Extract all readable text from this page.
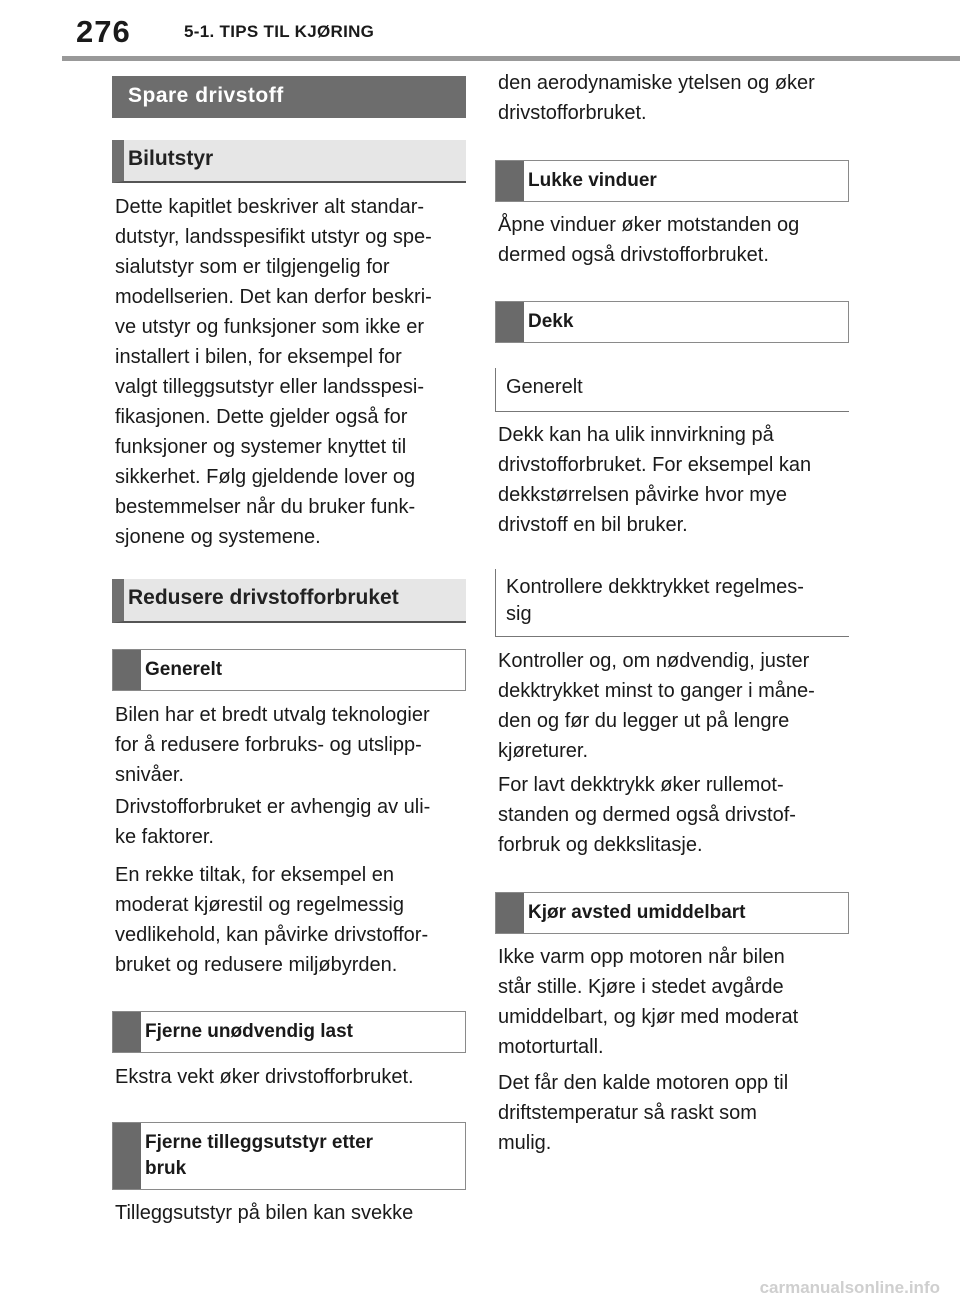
276	5-1. TIPS TIL KJØRING
Spare drivstoff
Bilutstyr

Dette kapitlet beskriver alt standar-
dutstyr, landsspesifikt utstyr og spe-
sialutstyr som er tilgjengelig for
modellserien. Det kan derfor beskri-
ve utstyr og funksjoner som ikke er
installert i bilen, for eksempel for
valgt tilleggsutstyr eller landsspesi-
fikasjonen. Dette gjelder også for
funksjoner og systemer knyttet til
sikkerhet. Følg gjeldende lover og
bestemmelser når du bruker funk-
sjonene og systemene.

Redusere drivstofforbruket
Generelt

Bilen har et bredt utvalg teknologier
for å redusere forbruks- og utslipp-
snivåer.

Drivstofforbruket er avhengig av uli-
ke faktorer.

En rekke tiltak, for eksempel en
moderat kjørestil og regelmessig
vedlikehold, kan påvirke drivstoffor-
bruket og redusere miljøbyrden.

Fjerne unødvendig last

Ekstra vekt øker drivstofforbruket.

Fjerne tilleggsutstyr etter
bruk

Tilleggsutstyr på bilen kan svekke

den aerodynamiske ytelsen og øker
drivstofforbruket.

Lukke vinduer

Åpne vinduer øker motstanden og
dermed også drivstofforbruket.

Dekk
Generelt

Dekk kan ha ulik innvirkning på
drivstofforbruket. For eksempel kan
dekkstørrelsen påvirke hvor mye
drivstoff en bil bruker.

Kontrollere dekktrykket regelmes-
sig

Kontroller og, om nødvendig, juster
dekktrykket minst to ganger i måne-
den og før du legger ut på lengre
kjøreturer.

For lavt dekktrykk øker rullemot-
standen og dermed også drivstof-
forbruk og dekkslitasje.

Kjør avsted umiddelbart

Ikke varm opp motoren når bilen
står stille. Kjøre i stedet avgårde
umiddelbart, og kjør med moderat
motorturtall.

Det får den kalde motoren opp til
driftstemperatur så raskt som
mulig.

carmanualsonline.info
